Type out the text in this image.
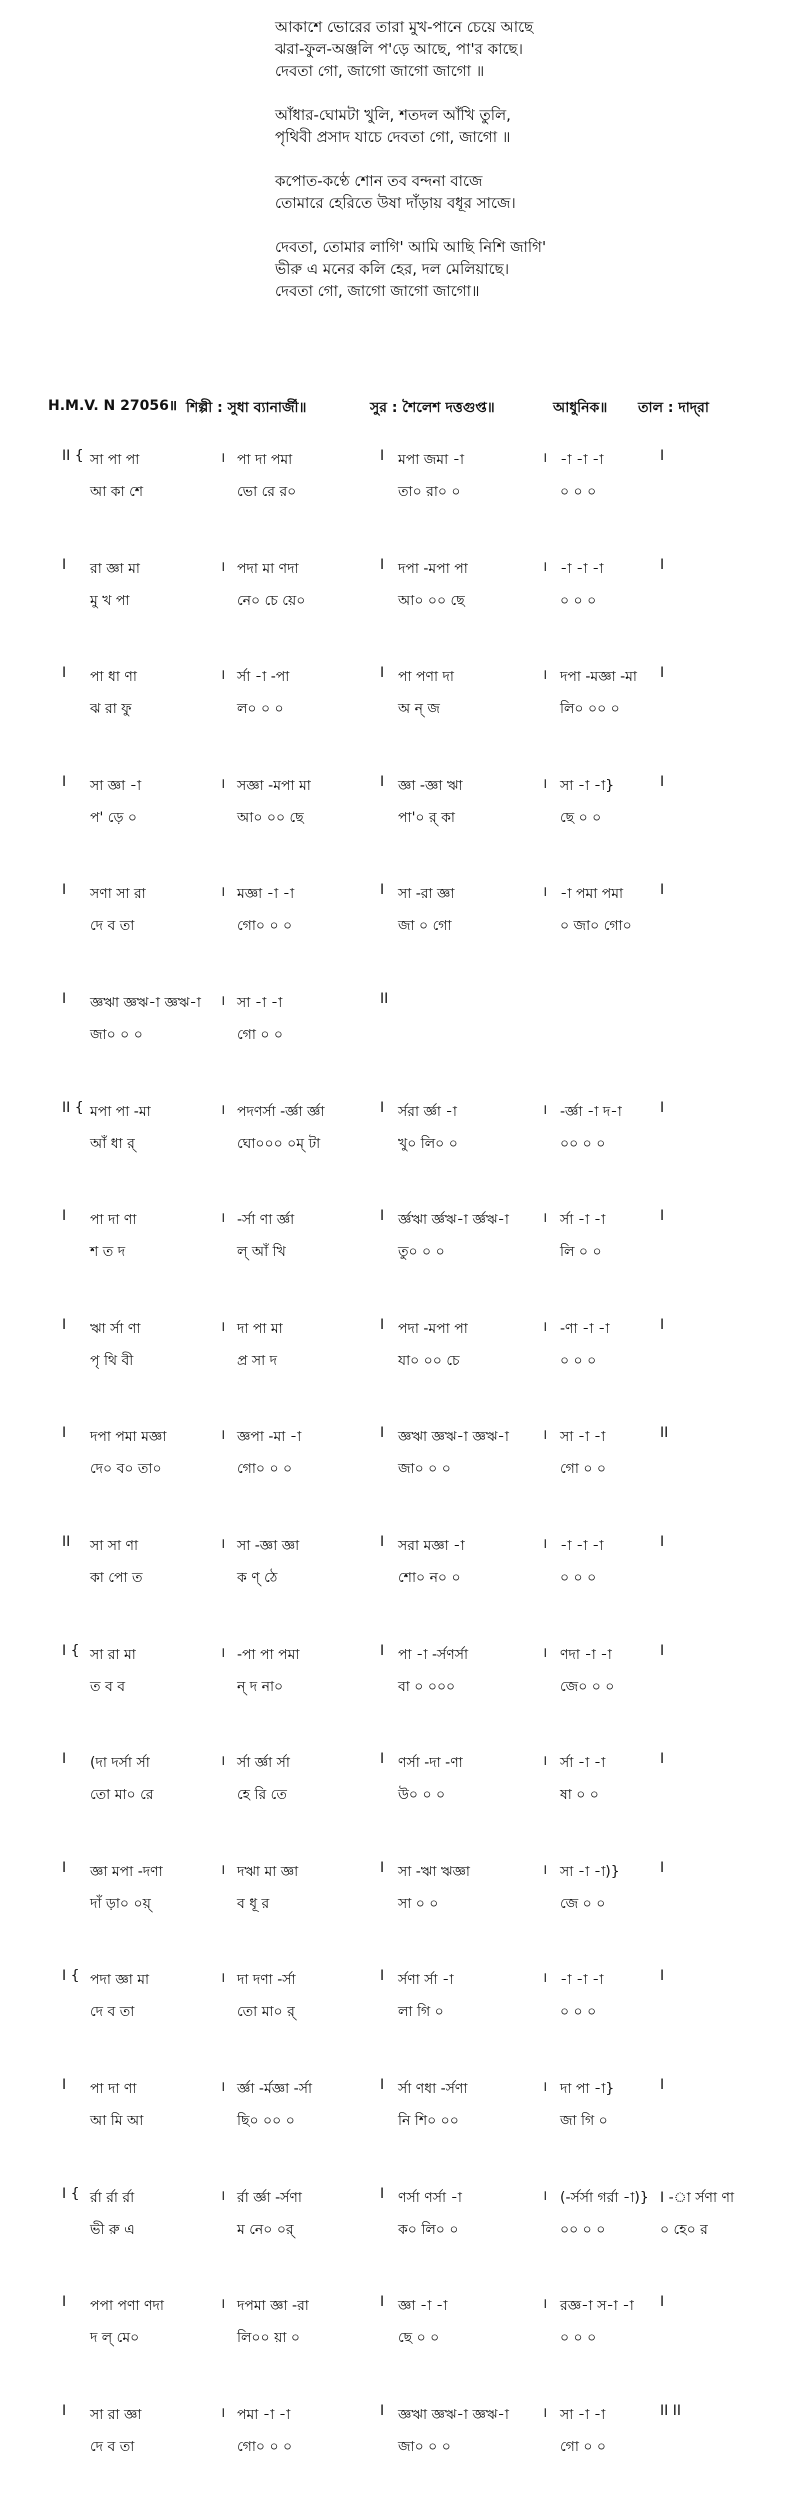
আকাশে ভোরের তারা মুখ-পানে চেয়ে আছে
ঝরা-ফুল-অঞ্জলি প'ড়ে আছে, পা'র কাছে।
দেবতা গো, জাগো জাগো জাগো ॥
আঁধার-ঘোমটা খুলি, শতদল আঁখি তুলি,
পৃথিবী প্রসাদ যাচে দেবতা গো, জাগো ॥
কপোত-কণ্ঠে শোন তব বন্দনা বাজে
তোমারে হেরিতে উষা দাঁড়ায় বধূর সাজে।
দেবতা, তোমার লাগি' আমি আছি নিশি জাগি'
ভীরু এ মনের কলি হের, দল মেলিয়াছে।
দেবতা গো, জাগো জাগো জাগো॥
H.M.V. N 27056॥ শিল্পী : সুধা ব্যানার্জী॥	সুর : শৈলেশ দত্তগুপ্ত॥	আধুনিক॥ তাল : দাদ্‌রা
II { সা পা পা	। পা দা পমা	I মপা জমা -া	। -া -া -া	I
আ কা শে	ভো রে র০	তা০ রা০ ০	০ ০ ০
I রা জ্ঞা মা	। পদা মা ণদা	I দপা -মপা পা	। -া -া -া	I
মু খ পা	নে০ চে য়ে০	আ০ ০০ ছে	০ ০ ০
I পা ধা ণা	। র্সা -া -পা	I পা পণা দা	। দপা -মজ্ঞা -মা I
ঝ রা ফু	ল০ ০ ০	অ ন্ জ	লি০ ০০ ০
I সা জ্ঞা -া	। সজ্ঞা -মপা মা	I জ্ঞা -জ্ঞা ঋা	। সা -া -া}	I
প' ড়ে ০	আ০ ০০ ছে	পা'০ র্ কা	ছে ০ ০
I সণা সা রা	। মজ্ঞা -া -া	I সা -রা জ্ঞা	। -া পমা পমা	I
দে ব তা	গো০ ০ ০	জা ০ গো	০ জা০ গো০
I জ্ঞঋা জ্ঞঋ-া জ্ঞঋ-া । সা -া -া	II
জা০ ০ ০	গো ০ ০
II { মপা পা -মা	। পদণর্সা -র্জ্ঞা র্জ্ঞা	I র্সরা র্জ্ঞা -া	। -র্জ্ঞা -া দ-া	I
আঁ ধা র্	ঘো০০০ ০ম্ টা	খু০ লি০ ০	০০ ০ ০
I পা দা ণা	। -র্সা ণা র্জ্ঞা	I র্জ্ঞঋা র্জ্ঞঋ-া র্জ্ঞঋ-া । র্সা -া -া	I
শ ত দ	ল্ আঁ খি	তু০ ০ ০	লি ০ ০
I ঋা র্সা ণা	। দা পা মা	I পদা -মপা পা	। -ণা -া -া	I
পৃ থি বী	প্র সা দ	যা০ ০০ চে	০ ০ ০
I দপা পমা মজ্ঞা	। জ্ঞপা -মা -া	I জ্ঞঋা জ্ঞঋ-া জ্ঞঋ-া । সা -া -া	II
দে০ ব০ তা০	গো০ ০ ০	জা০ ০ ০	গো ০ ০
II সা সা ণা	। সা -জ্ঞা জ্ঞা	I সরা মজ্ঞা -া	। -া -া -া	I
কা পো ত	ক ণ্ ঠে	শো০ ন০ ০	০ ০ ০
I { সা রা মা	। -পা পা পমা	I পা -া -র্সণর্সা	। ণদা -া -া	I
ত ব ব	ন্ দ না০	বা ০ ০০০	জে০ ০ ০
I (দা দর্সা র্সা	। র্সা র্জ্ঞা র্সা	I ণর্সা -দা -ণা	। র্সা -া -া	I
তো মা০ রে	হে রি তে	উ০ ০ ০	ষা ০ ০
I জ্ঞা মপা -দণা	। দঋা মা জ্ঞা	I সা -ঋা ঋজ্ঞা	। সা -া -া)}	I
দাঁ ড়া০ ০য়্	ব ধূ র	সা ০ ০	জে ০ ০
I { পদা জ্ঞা মা	। দা দণা -র্সা	I র্সণা র্সা -া	। -া -া -া	I
দে ব তা	তো মা০ র্	লা গি ০	০ ০ ০
I পা দা ণা	। র্জ্ঞা -র্মজ্ঞা -র্সা	I র্সা ণধা -র্সণা	। দা পা -া}	I
আ মি আ	ছি০ ০০ ০	নি শি০ ০০	জা গি ০
I { র্রা র্রা র্রা	। র্রা র্জ্ঞা -র্সণা	I ণর্সা ণর্সা -া	। (-র্সর্সা গর্রা -া)} I -া র্সণা ণা
ভী রু এ	ম নে০ ০র্	ক০ লি০ ০	০০ ০ ০	০ হে০ র
I পপা পণা ণদা	। দপমা জ্ঞা -রা	I জ্ঞা -া -া	। রজ্ঞ-া স-া -া I
দ ল্ মে০	লি০০ য়া ০	ছে ০ ০	০ ০ ০
I সা রা জ্ঞা	। পমা -া -া	I জ্ঞঋা জ্ঞঋ-া জ্ঞঋ-া । সা -া -া	II II
দে ব তা	গো০ ০ ০	জা০ ০ ০	গো ০ ০
